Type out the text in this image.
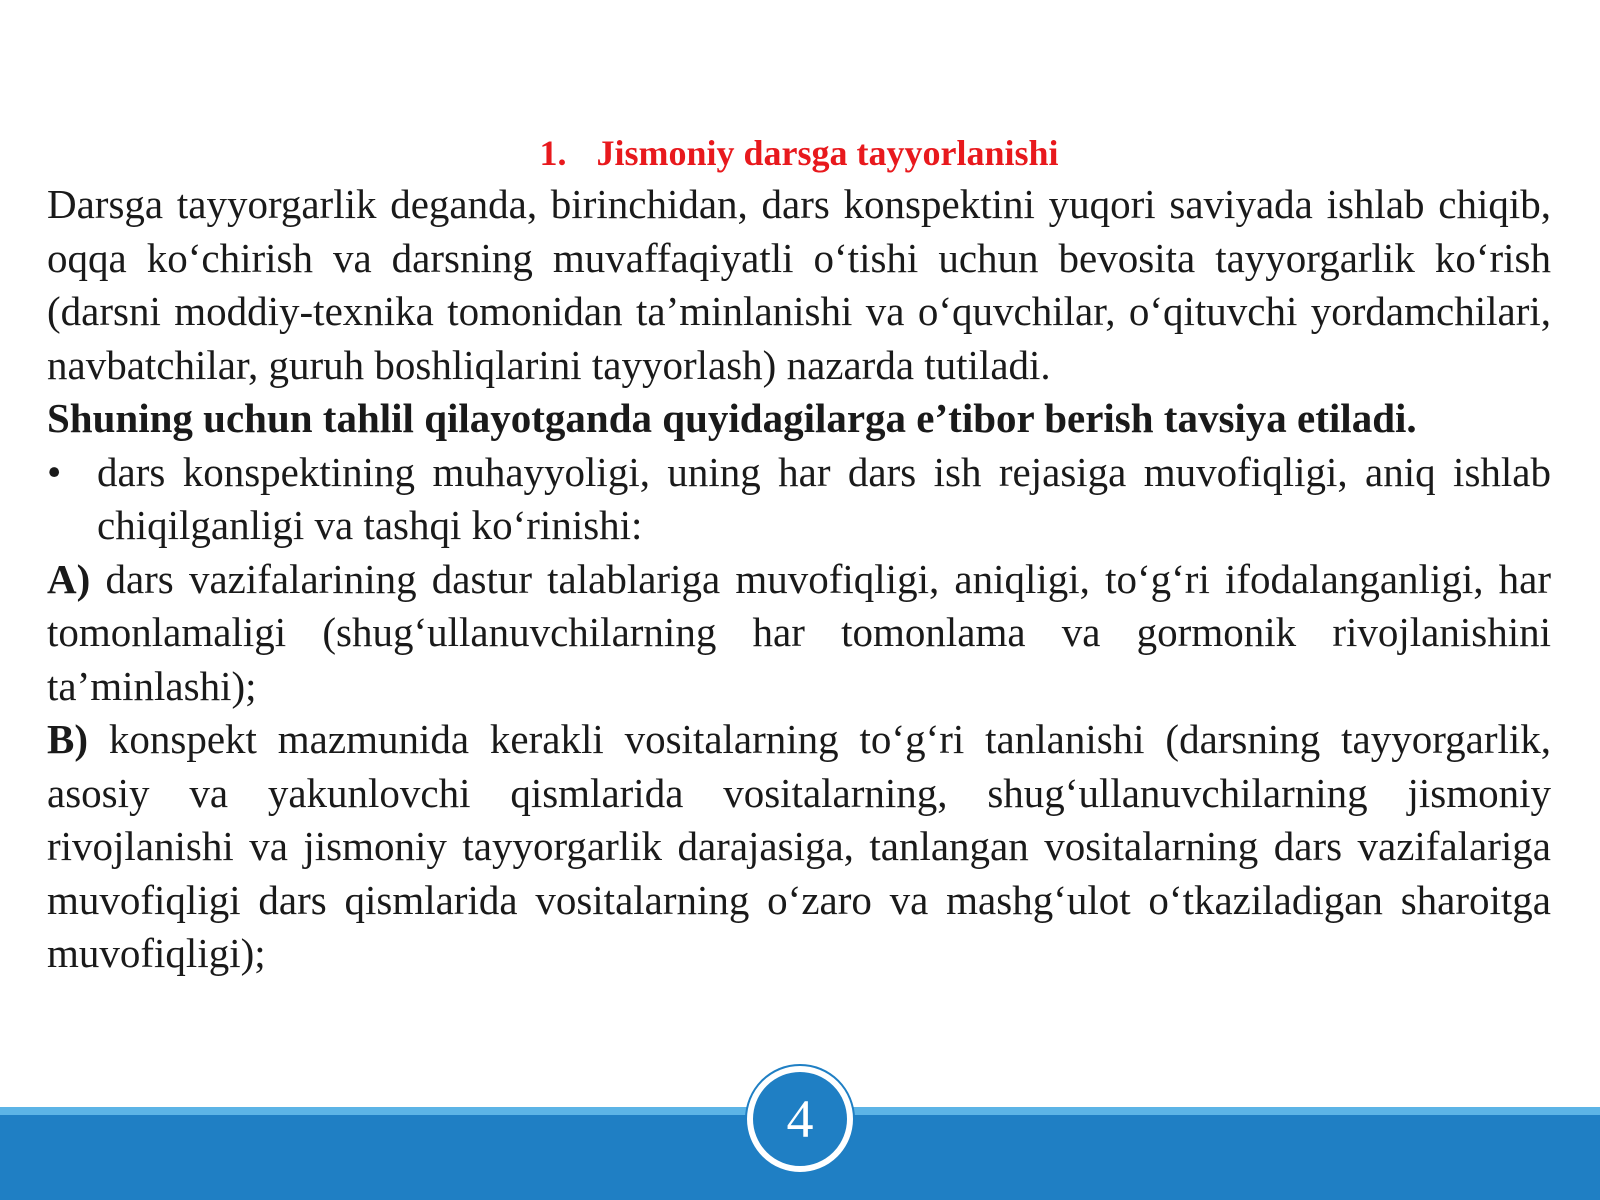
1. Jismoniy darsga tayyorlanishi

Darsga tayyorgarlik deganda, birinchidan, dars konspektini yuqori saviyada ishlab chiqib, oqqa ko‘chirish va darsning muvaffaqiyatli o‘tishi uchun bevosita tayyorgarlik ko‘rish (darsni moddiy-texnika tomonidan ta’minlanishi va o‘quvchilar, o‘qituvchi yordamchilari, navbatchilar, guruh boshliqlarini tayyorlash) nazarda tutiladi.

Shuning uchun tahlil qilayotganda quyidagilarga e’tibor berish tavsiya etiladi.

• dars konspektining muhayyoligi, uning har dars ish rejasiga muvofiqligi, aniq ishlab chiqilganligi va tashqi ko‘rinishi:

A) dars vazifalarining dastur talablariga muvofiqligi, aniqligi, to‘g‘ri ifodalanganligi, har tomonlamaligi (shug‘ullanuvchilarning har tomonlama va gormonik rivojlanishini ta’minlashi);

B) konspekt mazmunida kerakli vositalarning to‘g‘ri tanlanishi (darsning tayyorgarlik, asosiy va yakunlovchi qismlarida vositalarning, shug‘ullanuvchilarning jismoniy rivojlanishi va jismoniy tayyorgarlik darajasiga, tanlangan vositalarning dars vazifalariga muvofiqligi dars qismlarida vositalarning o‘zaro va mashg‘ulot o‘tkaziladigan sharoitga muvofiqligi);

4
